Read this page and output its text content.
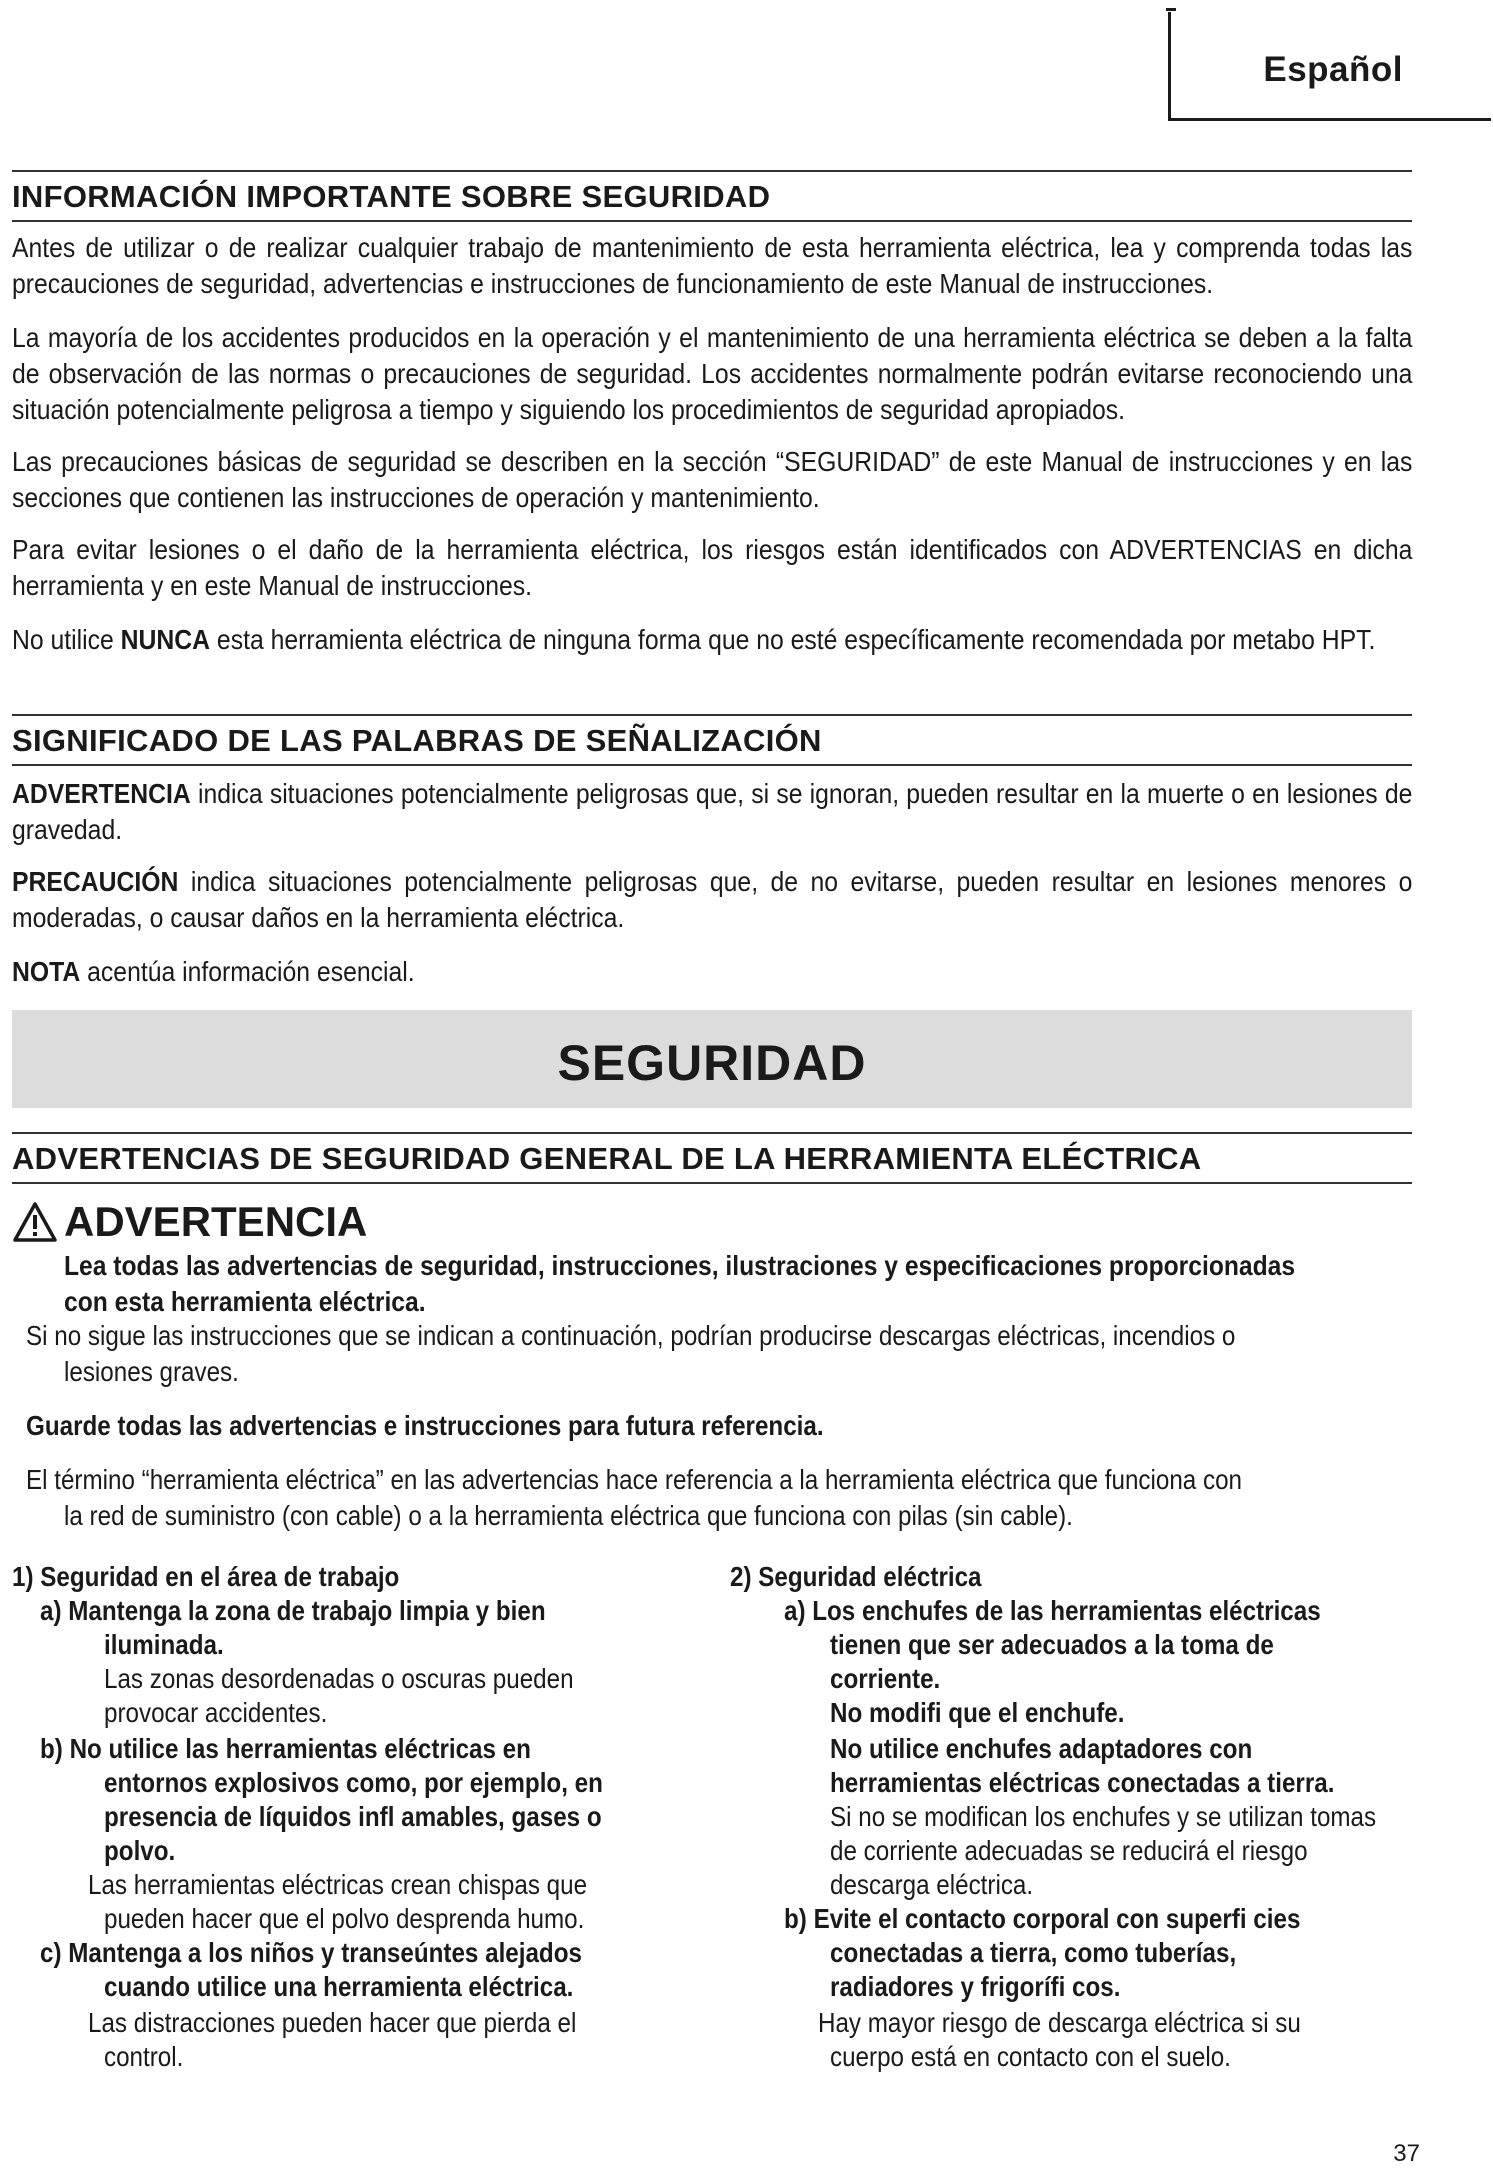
Español
INFORMACIÓN IMPORTANTE SOBRE SEGURIDAD

Antes de utilizar o de realizar cualquier trabajo de mantenimiento de esta herramienta eléctrica, lea y comprenda todas las precauciones de seguridad, advertencias e instrucciones de funcionamiento de este Manual de instrucciones.

La mayoría de los accidentes producidos en la operación y el mantenimiento de una herramienta eléctrica se deben a la falta de observación de las normas o precauciones de seguridad. Los accidentes normalmente podrán evitarse reconociendo una situación potencialmente peligrosa a tiempo y siguiendo los procedimientos de seguridad apropiados.

Las precauciones básicas de seguridad se describen en la sección “SEGURIDAD” de este Manual de instrucciones y en las secciones que contienen las instrucciones de operación y mantenimiento.

Para evitar lesiones o el daño de la herramienta eléctrica, los riesgos están identificados con ADVERTENCIAS en dicha herramienta y en este Manual de instrucciones.

No utilice NUNCA esta herramienta eléctrica de ninguna forma que no esté específicamente recomendada por metabo HPT.

SIGNIFICADO DE LAS PALABRAS DE SEÑALIZACIÓN

ADVERTENCIA indica situaciones potencialmente peligrosas que, si se ignoran, pueden resultar en la muerte o en lesiones de gravedad.

PRECAUCIÓN indica situaciones potencialmente peligrosas que, de no evitarse, pueden resultar en lesiones menores o moderadas, o causar daños en la herramienta eléctrica.

NOTA acentúa información esencial.

SEGURIDAD
ADVERTENCIAS DE SEGURIDAD GENERAL DE LA HERRAMIENTA ELÉCTRICA
ADVERTENCIA
Lea todas las advertencias de seguridad, instrucciones, ilustraciones y especificaciones proporcionadas
con esta herramienta eléctrica.
Si no sigue las instrucciones que se indican a continuación, podrían producirse descargas eléctricas, incendios o
lesiones graves.
Guarde todas las advertencias e instrucciones para futura referencia.
El término “herramienta eléctrica” en las advertencias hace referencia a la herramienta eléctrica que funciona con
la red de suministro (con cable) o a la herramienta eléctrica que funciona con pilas (sin cable).
1) Seguridad en el área de trabajo
a) Mantenga la zona de trabajo limpia y bien
iluminada.
Las zonas desordenadas o oscuras pueden
provocar accidentes.
b) No utilice las herramientas eléctricas en
entornos explosivos como, por ejemplo, en
presencia de líquidos infl amables, gases o
polvo.
Las herramientas eléctricas crean chispas que
pueden hacer que el polvo desprenda humo.
c) Mantenga a los niños y transeúntes alejados
cuando utilice una herramienta eléctrica.
Las distracciones pueden hacer que pierda el
control.
2) Seguridad eléctrica
a) Los enchufes de las herramientas eléctricas
tienen que ser adecuados a la toma de
corriente.
No modifi que el enchufe.
No utilice enchufes adaptadores con
herramientas eléctricas conectadas a tierra.
Si no se modifican los enchufes y se utilizan tomas
de corriente adecuadas se reducirá el riesgo
descarga eléctrica.
b) Evite el contacto corporal con superfi cies
conectadas a tierra, como tuberías,
radiadores y frigorífi cos.
Hay mayor riesgo de descarga eléctrica si su
cuerpo está en contacto con el suelo.
37
